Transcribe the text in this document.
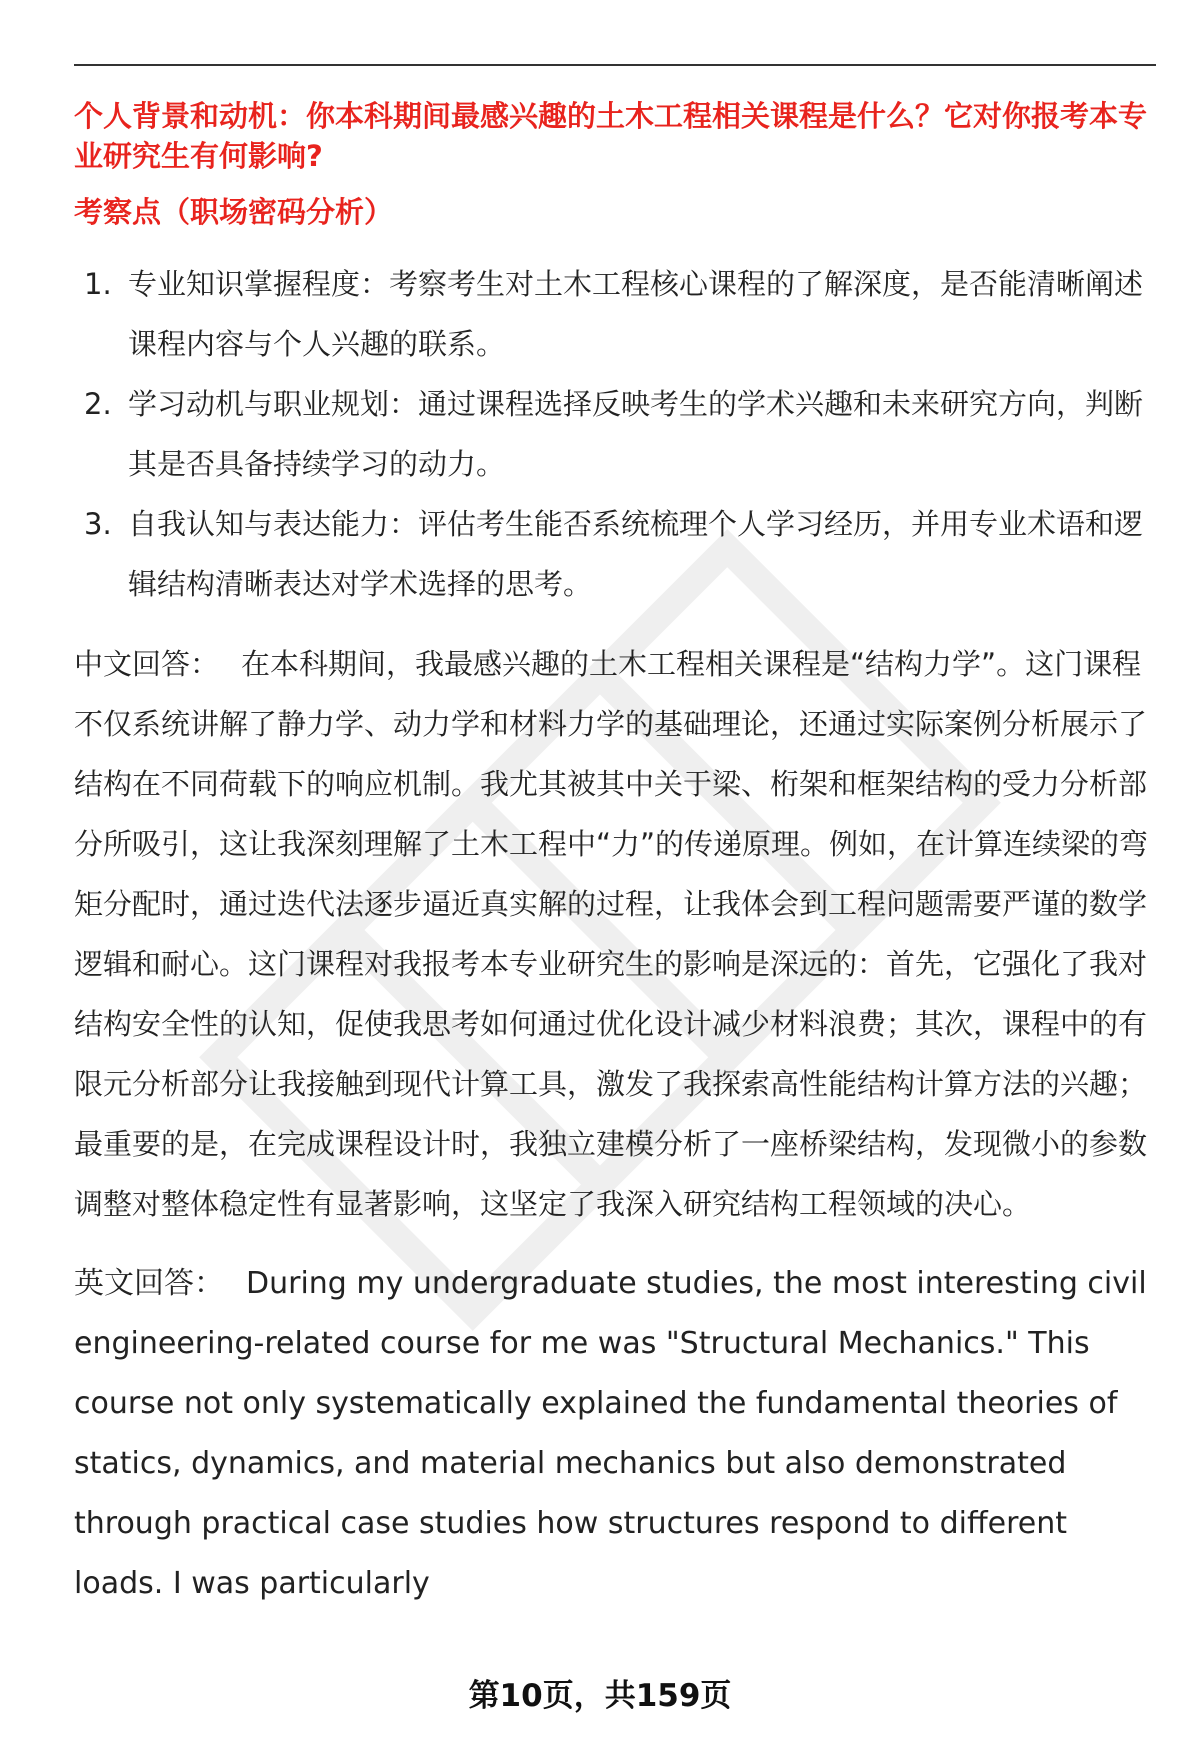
个人背景和动机：你本科期间最感兴趣的土木工程相关课程是什么？它对你报考本专业研究生有何影响?

考察点（职场密码分析）

1. 专业知识掌握程度：考察考生对土木工程核心课程的了解深度，是否能清晰阐述课程内容与个人兴趣的联系。
2. 学习动机与职业规划：通过课程选择反映考生的学术兴趣和未来研究方向，判断其是否具备持续学习的动力。
3. 自我认知与表达能力：评估考生能否系统梳理个人学习经历，并用专业术语和逻辑结构清晰表达对学术选择的思考。

中文回答： 在本科期间，我最感兴趣的土木工程相关课程是“结构力学”。这门课程不仅系统讲解了静力学、动力学和材料力学的基础理论，还通过实际案例分析展示了结构在不同荷载下的响应机制。我尤其被其中关于梁、桁架和框架结构的受力分析部分所吸引，这让我深刻理解了土木工程中“力”的传递原理。例如，在计算连续梁的弯矩分配时，通过迭代法逐步逼近真实解的过程，让我体会到工程问题需要严谨的数学逻辑和耐心。这门课程对我报考本专业研究生的影响是深远的：首先，它强化了我对结构安全性的认知，促使我思考如何通过优化设计减少材料浪费；其次，课程中的有限元分析部分让我接触到现代计算工具，激发了我探索高性能结构计算方法的兴趣；最重要的是，在完成课程设计时，我独立建模分析了一座桥梁结构，发现微小的参数调整对整体稳定性有显著影响，这坚定了我深入研究结构工程领域的决心。

英文回答： During my undergraduate studies, the most interesting civil engineering-related course for me was "Structural Mechanics." This course not only systematically explained the fundamental theories of statics, dynamics, and material mechanics but also demonstrated through practical case studies how structures respond to different loads. I was particularly

第10页，共159页
